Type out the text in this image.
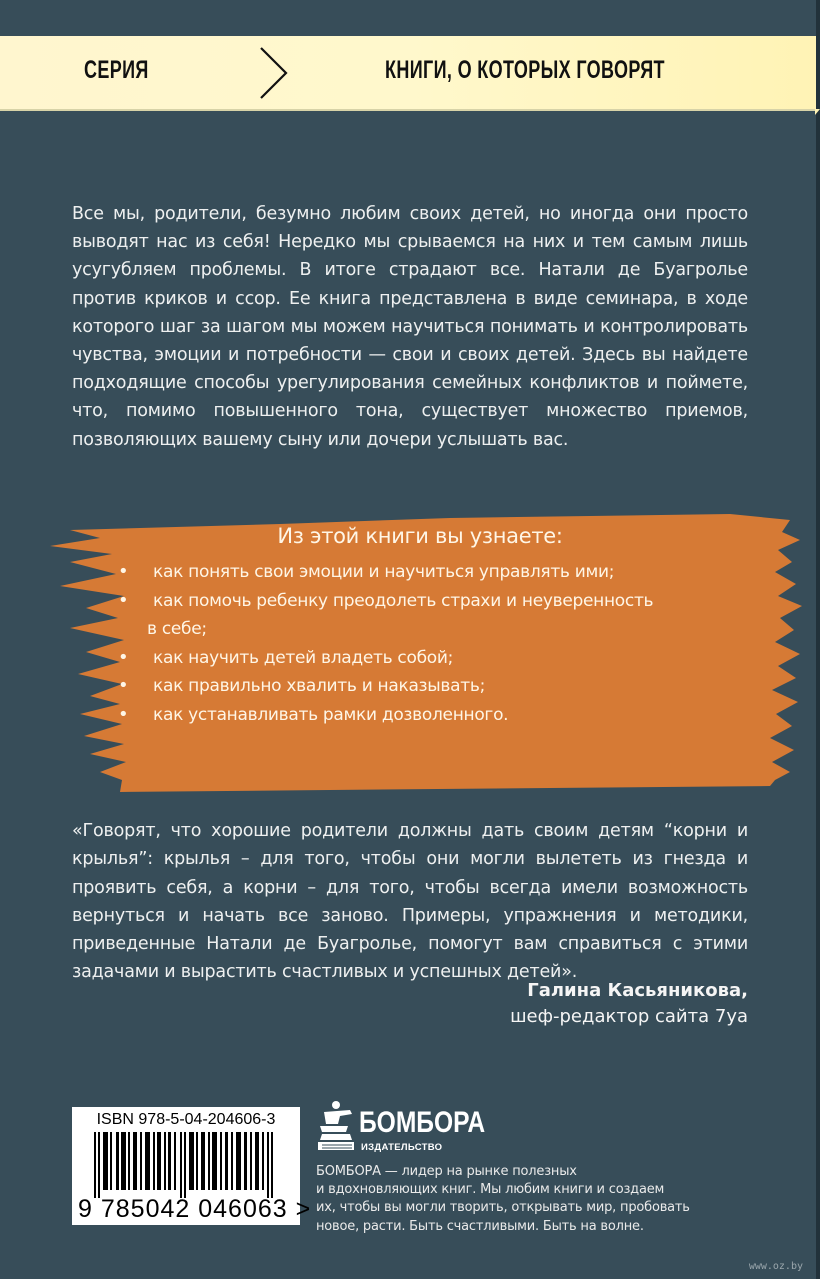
СЕРИЯ	КНИГИ, О КОТОРЫХ ГОВОРЯТ
Все мы, родители, безумно любим своих детей, но иногда они просто выводят нас из себя! Нередко мы срываемся на них и тем самым лишь усугубляем проблемы. В итоге страдают все. Натали де Буагролье против криков и ссор. Ее книга представлена в виде семинара, в ходе которого шаг за шагом мы можем научиться понимать и контролировать чувства, эмоции и потребности — свои и своих детей. Здесь вы найдете подходящие способы урегулирования семейных конфликтов и поймете, что, помимо повышенного тона, существует множество приемов, позволяющих вашему сыну или дочери услышать вас.
Из этой книги вы узнаете:
• как понять свои эмоции и научиться управлять ими;
• как помочь ребенку преодолеть страхи и неуверенность
в себе;
• как научить детей владеть собой;
• как правильно хвалить и наказывать;
• как устанавливать рамки дозволенного.
«Говорят, что хорошие родители должны дать своим детям “корни и крылья”: крылья – для того, чтобы они могли вылететь из гнезда и проявить себя, а корни – для того, чтобы всегда имели возможность вернуться и начать все заново. Примеры, упражнения и методики, приведенные Натали де Буагролье, помогут вам справиться с этими задачами и вырастить счастливых и успешных детей».
Галина Касьяникова,
шеф-редактор сайта 7уа
ISBN 978-5-04-204606-3
9 785042 046063 >
БОМБОРА
ИЗДАТЕЛЬСТВО
БОМБОРА — лидер на рынке полезных
и вдохновляющих книг. Мы любим книги и создаем
их, чтобы вы могли творить, открывать мир, пробовать
новое, расти. Быть счастливыми. Быть на волне.
www.oz.by
